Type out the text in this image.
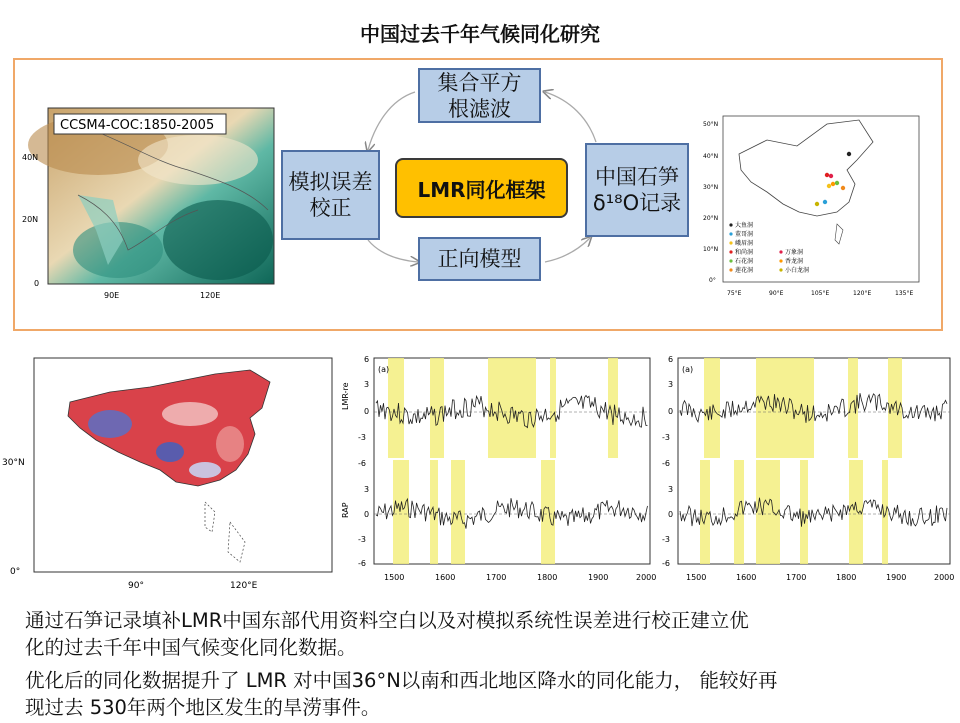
中国过去千年气候同化研究
CCSM4-COC:1850-2005
40N
20N
0
90E	120E
集合平方
根滤波
模拟误差
校正
LMR同化框架
正向模型
中国石笋
δ¹⁸O记录
50°N
40°N
30°N
20°N
10°N
0°
75°E	90°E	105°E	120°E	135°E
大鱼洞
董哥洞
峨眉洞
和尚洞
石花洞
莲花洞
万象洞
香龙洞
小白龙洞
30°N
0°
90°	120°E
(a)
LMR-re
RAP
6
3
0
-3
-6
3
0
-3
-6
1500	1600	1700	1800	1900	2000
(a)
6
3
0
-3
-6
3
0
-3
-6
1500	1600	1700	1800	1900	2000
通过石笋记录填补LMR中国东部代用资料空白以及对模拟系统性误差进行校正建立优
化的过去千年中国气候变化同化数据。
优化后的同化数据提升了 LMR 对中国36°N以南和西北地区降水的同化能力， 能较好再
现过去 530年两个地区发生的旱涝事件。
